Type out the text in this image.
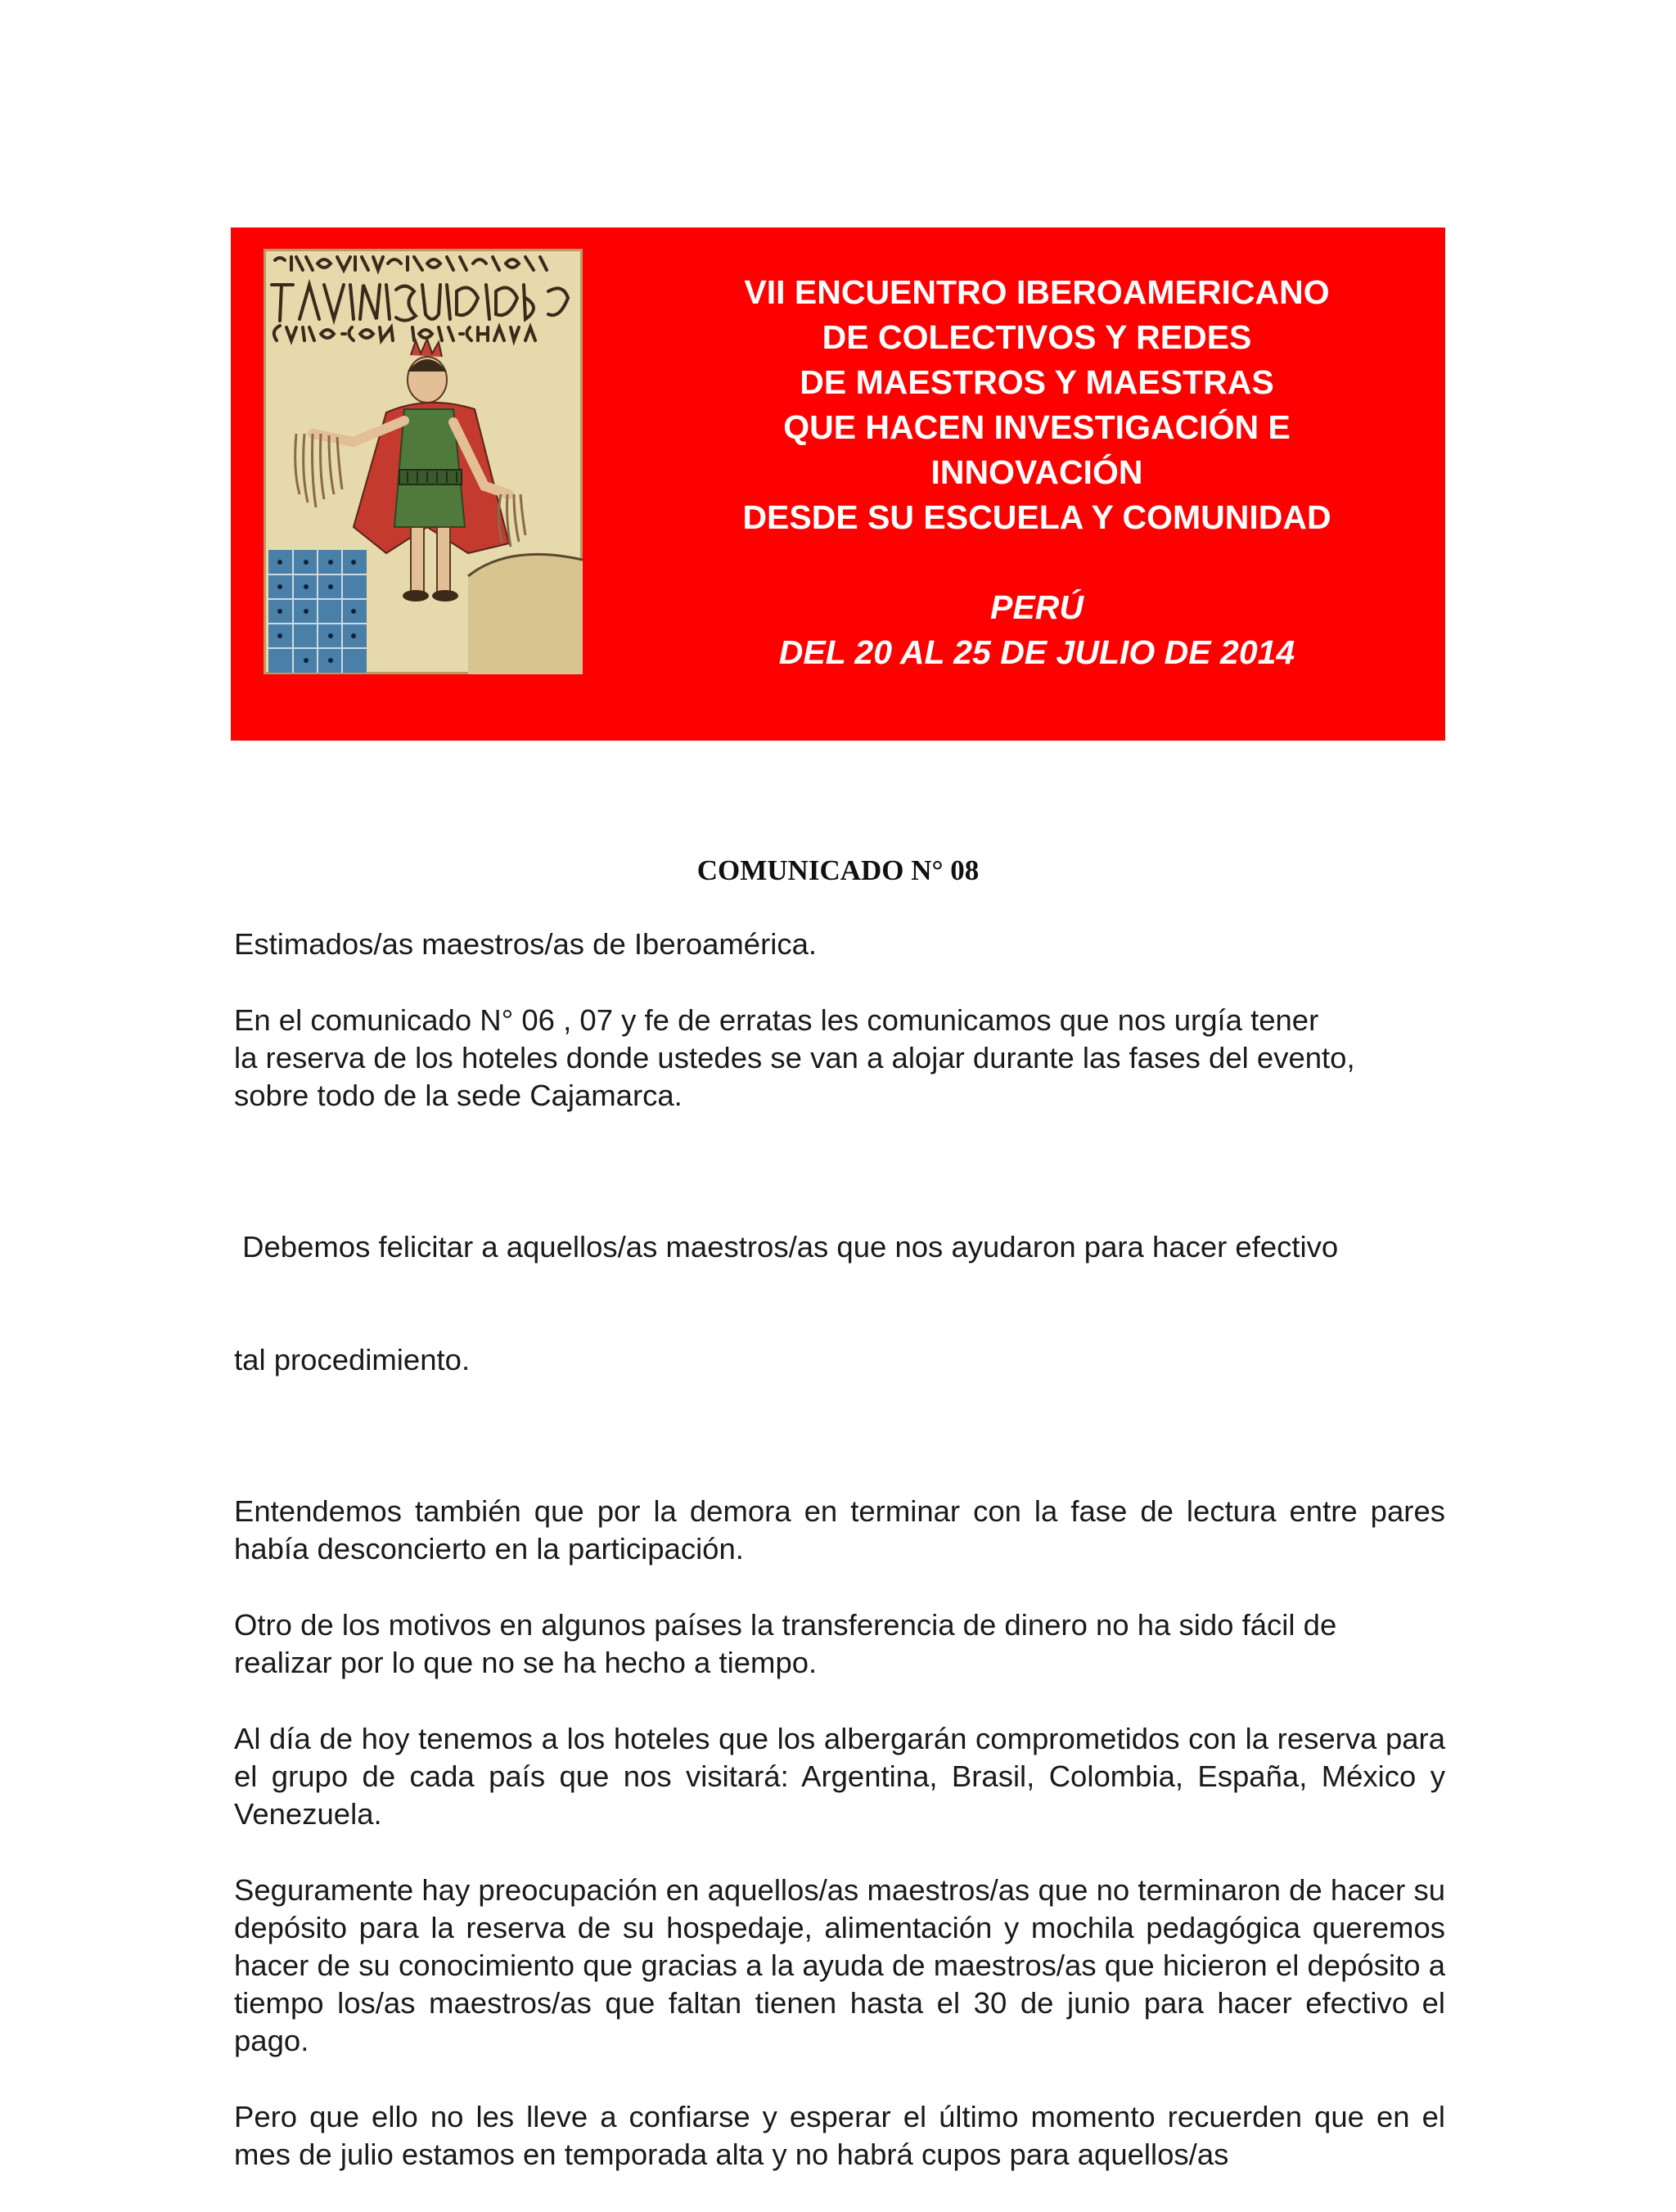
VII ENCUENTRO IBEROAMERICANO
DE COLECTIVOS Y REDES
DE MAESTROS Y MAESTRAS
QUE HACEN INVESTIGACIÓN E
INNOVACIÓN
DESDE SU ESCUELA Y COMUNIDAD
PERÚ
DEL 20 AL 25 DE JULIO DE 2014
COMUNICADO N° 08

Estimados/as maestros/as de Iberoamérica.

En el comunicado N° 06 , 07 y fe de erratas les comunicamos que nos urgía tener
la reserva de los hoteles donde ustedes se van a alojar durante las fases del evento,
sobre todo de la sede Cajamarca.

Debemos felicitar a aquellos/as maestros/as que nos ayudaron para hacer efectivo

tal procedimiento.

Entendemos también que por la demora en terminar con la fase de lectura entre pares había desconcierto en la participación.

Otro de los motivos en algunos países la transferencia de dinero no ha sido fácil de
realizar por lo que no se ha hecho a tiempo.

Al día de hoy tenemos a los hoteles que los albergarán comprometidos con la reserva para el grupo de cada país que nos visitará: Argentina, Brasil, Colombia, España, México y Venezuela.

Seguramente hay preocupación en aquellos/as maestros/as que no terminaron de hacer su depósito para la reserva de su hospedaje, alimentación y mochila pedagógica queremos hacer de su conocimiento que gracias a la ayuda de maestros/as que hicieron el depósito a tiempo los/as maestros/as que faltan tienen hasta el 30 de junio para hacer efectivo el pago.

Pero que ello no les lleve a confiarse y esperar el último momento recuerden que en el mes de julio estamos en temporada alta y no habrá cupos para aquellos/as
